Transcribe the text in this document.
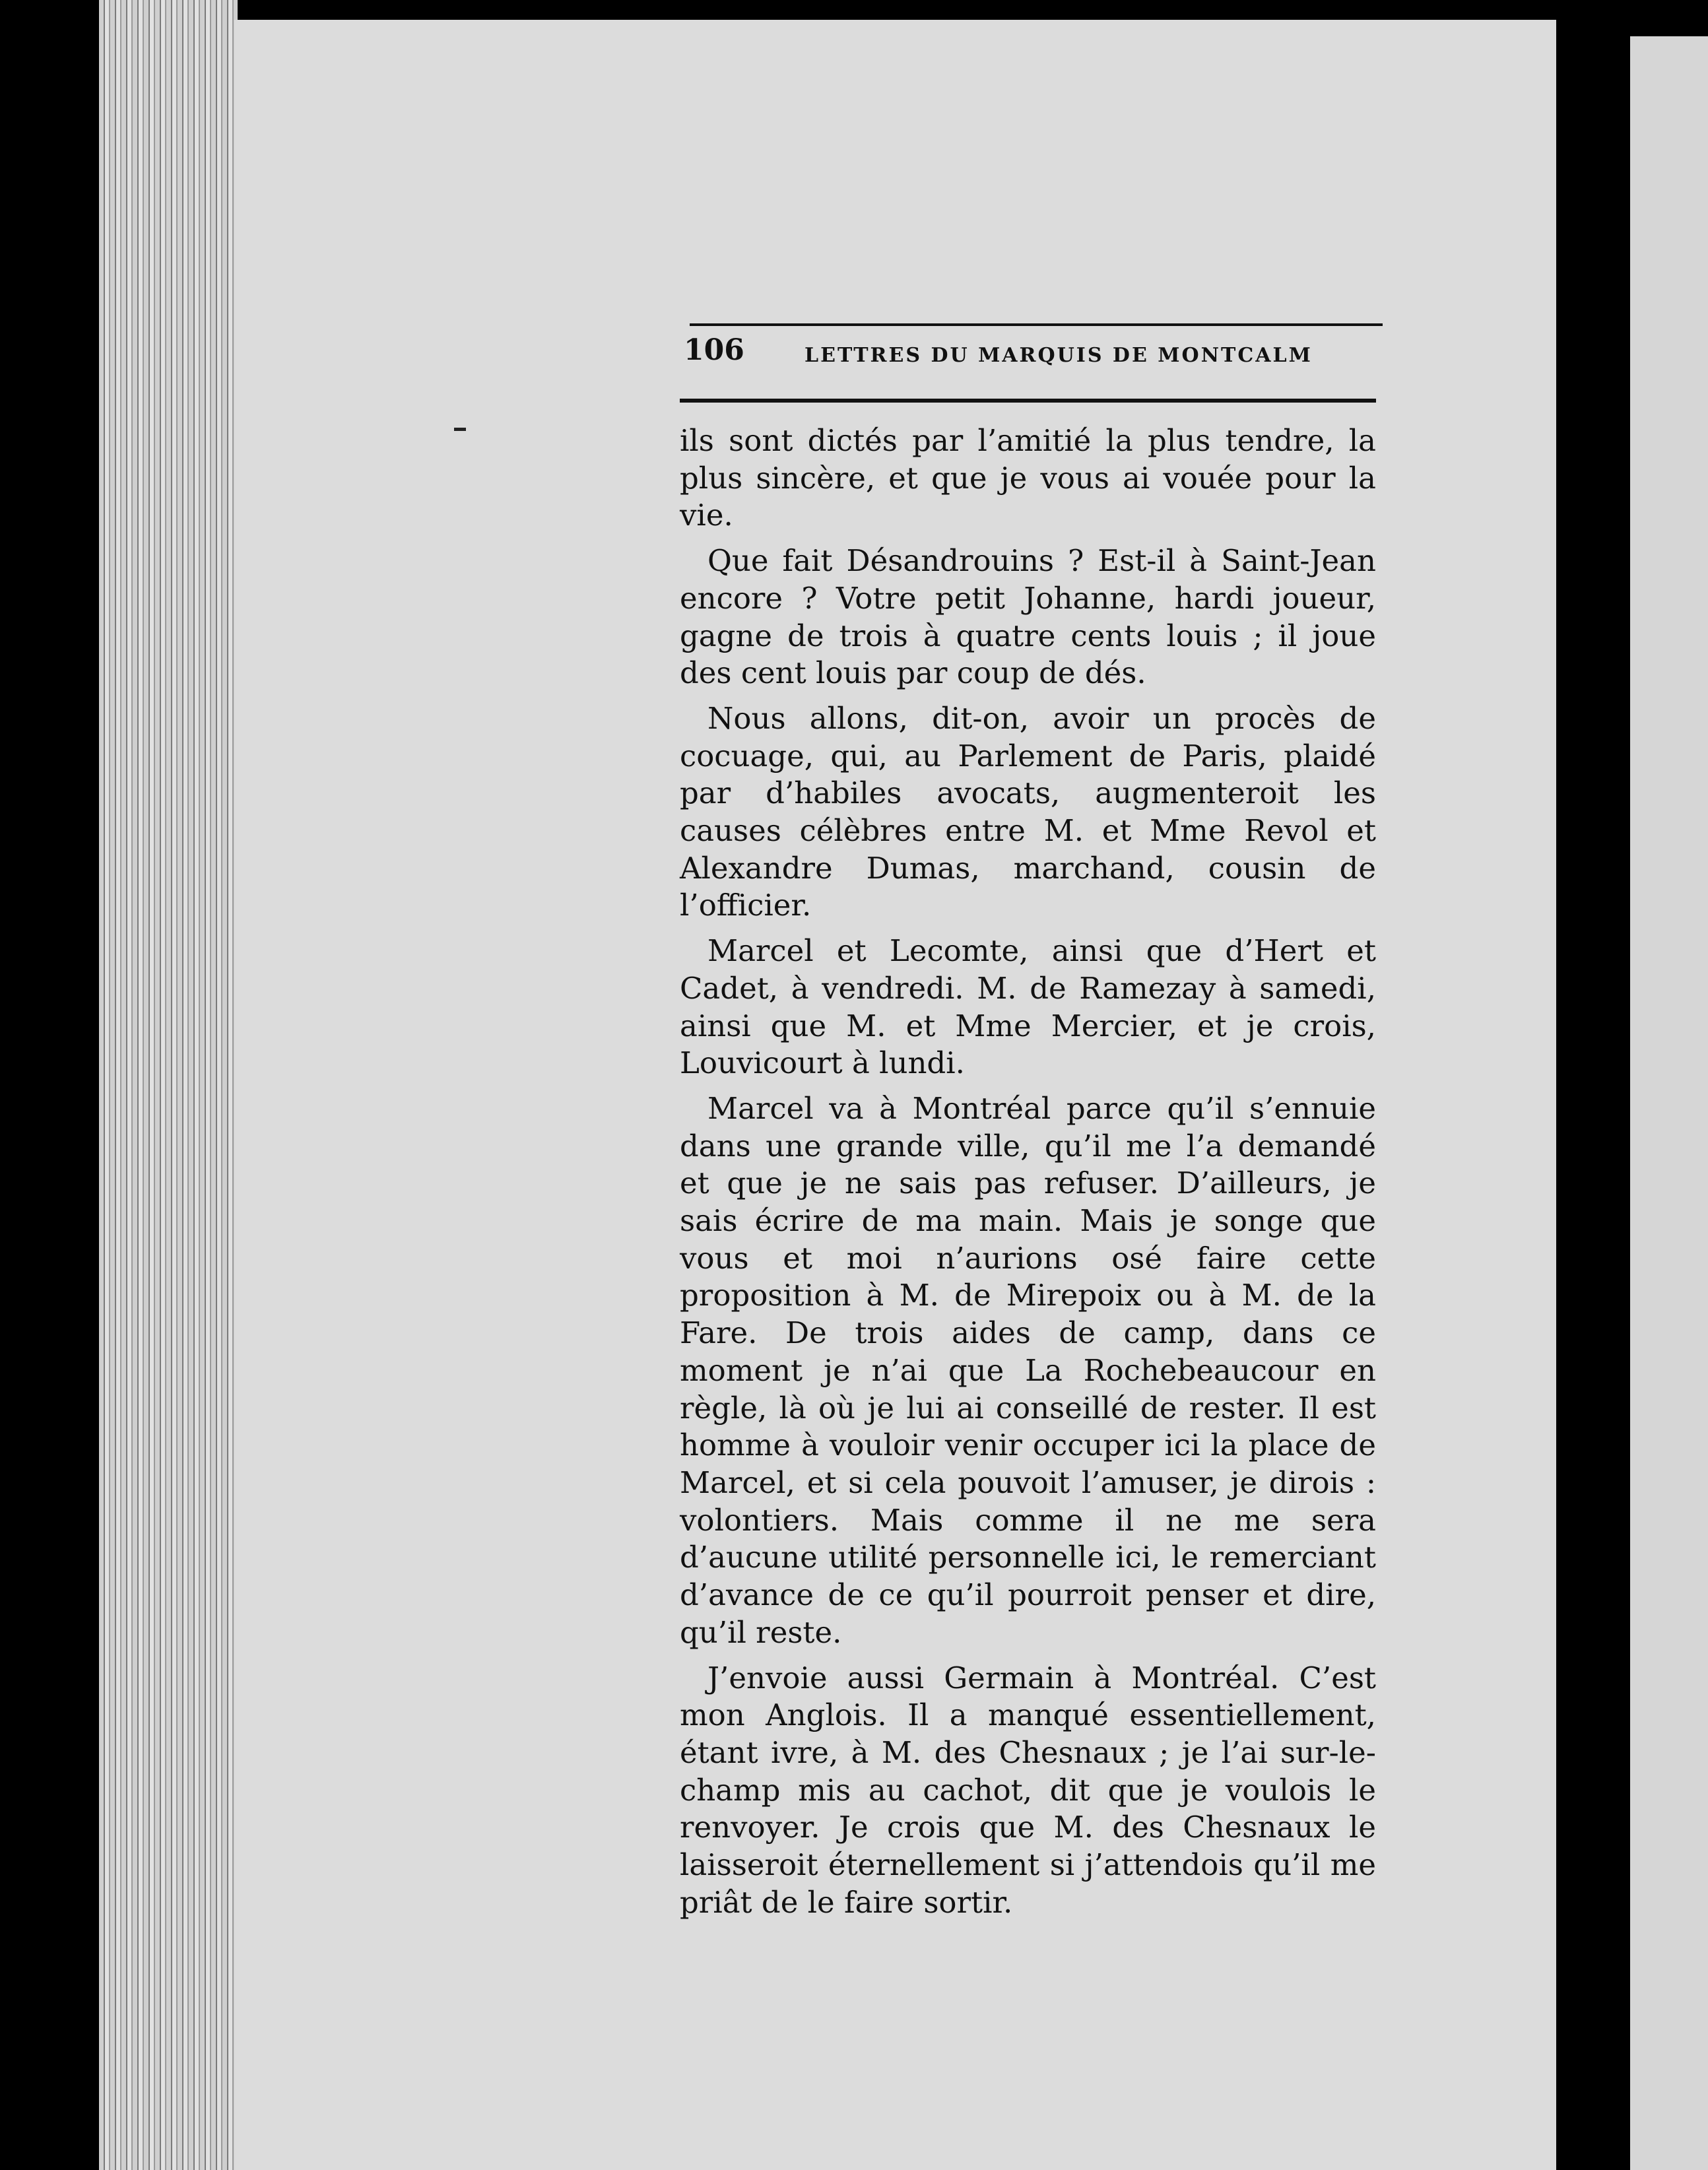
106	LETTRES DU MARQUIS DE MONTCALM

ils sont dictés par l’amitié la plus tendre, la plus sincère, et que je vous ai vouée pour la vie.

Que fait Désandrouins ? Est-il à Saint-Jean encore ? Votre petit Johanne, hardi joueur, gagne de trois à quatre cents louis ; il joue des cent louis par coup de dés.

Nous allons, dit-on, avoir un procès de cocuage, qui, au Parlement de Paris, plaidé par d’habiles avocats, augmenteroit les causes célèbres entre M. et Mme Revol et Alexandre Dumas, marchand, cousin de l’officier.

Marcel et Lecomte, ainsi que d’Hert et Cadet, à vendredi. M. de Ramezay à samedi, ainsi que M. et Mme Mercier, et je crois, Louvicourt à lundi.

Marcel va à Montréal parce qu’il s’ennuie dans une grande ville, qu’il me l’a demandé et que je ne sais pas refuser. D’ailleurs, je sais écrire de ma main. Mais je songe que vous et moi n’aurions osé faire cette proposition à M. de Mirepoix ou à M. de la Fare. De trois aides de camp, dans ce moment je n’ai que La Rochebeaucour en règle, là où je lui ai conseillé de rester. Il est homme à vouloir venir occuper ici la place de Marcel, et si cela pouvoit l’amuser, je dirois : volontiers. Mais comme il ne me sera d’aucune utilité personnelle ici, le remerciant d’avance de ce qu’il pourroit penser et dire, qu’il reste.

J’envoie aussi Germain à Montréal. C’est mon Anglois. Il a manqué essentiellement, étant ivre, à M. des Chesnaux ; je l’ai sur-le-champ mis au cachot, dit que je voulois le renvoyer. Je crois que M. des Chesnaux le laisseroit éternellement si j’attendois qu’il me priât de le faire sortir.
